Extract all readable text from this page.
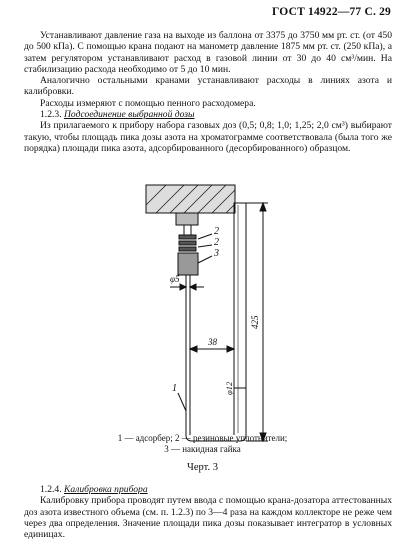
ГОСТ 14922—77 С. 29

Устанавливают давление газа на выходе из баллона от 3375 до 3750 мм рт. ст. (от 450 до 500 кПа). С помощью крана подают на манометр давление 1875 мм рт. ст. (250 кПа), а затем регулятором устанавливают расход в газовой линии от 30 до 40 см³/мин. На стабилизацию расхода необходимо от 5 до 10 мин.

Аналогично остальными кранами устанавливают расходы в линиях азота и калибровки.

Расходы измеряют с помощью пенного расходомера.

1.2.3. Подсоединение выбранной дозы

Из прилагаемого к прибору набора газовых доз (0,5; 0,8; 1,0; 1,25; 2,0 см³) выбирают такую, чтобы площадь пика дозы азота на хроматограмме соответствовала (была того же порядка) площади пика азота, адсорбированного (десорбированного) образцом.

2
2
3
1
φ5
38
425
φ12
1 — адсорбер; 2 — резиновые уплотнители;
3 — накидная гайка
Черт. 3

1.2.4. Калибровка прибора

Калибровку прибора проводят путем ввода с помощью крана-дозатора аттестованных доз азота известного объема (см. п. 1.2.3) по 3—4 раза на каждом коллекторе не реже чем через два определения. Значение площади пика дозы показывает интегратор в условных единицах.
